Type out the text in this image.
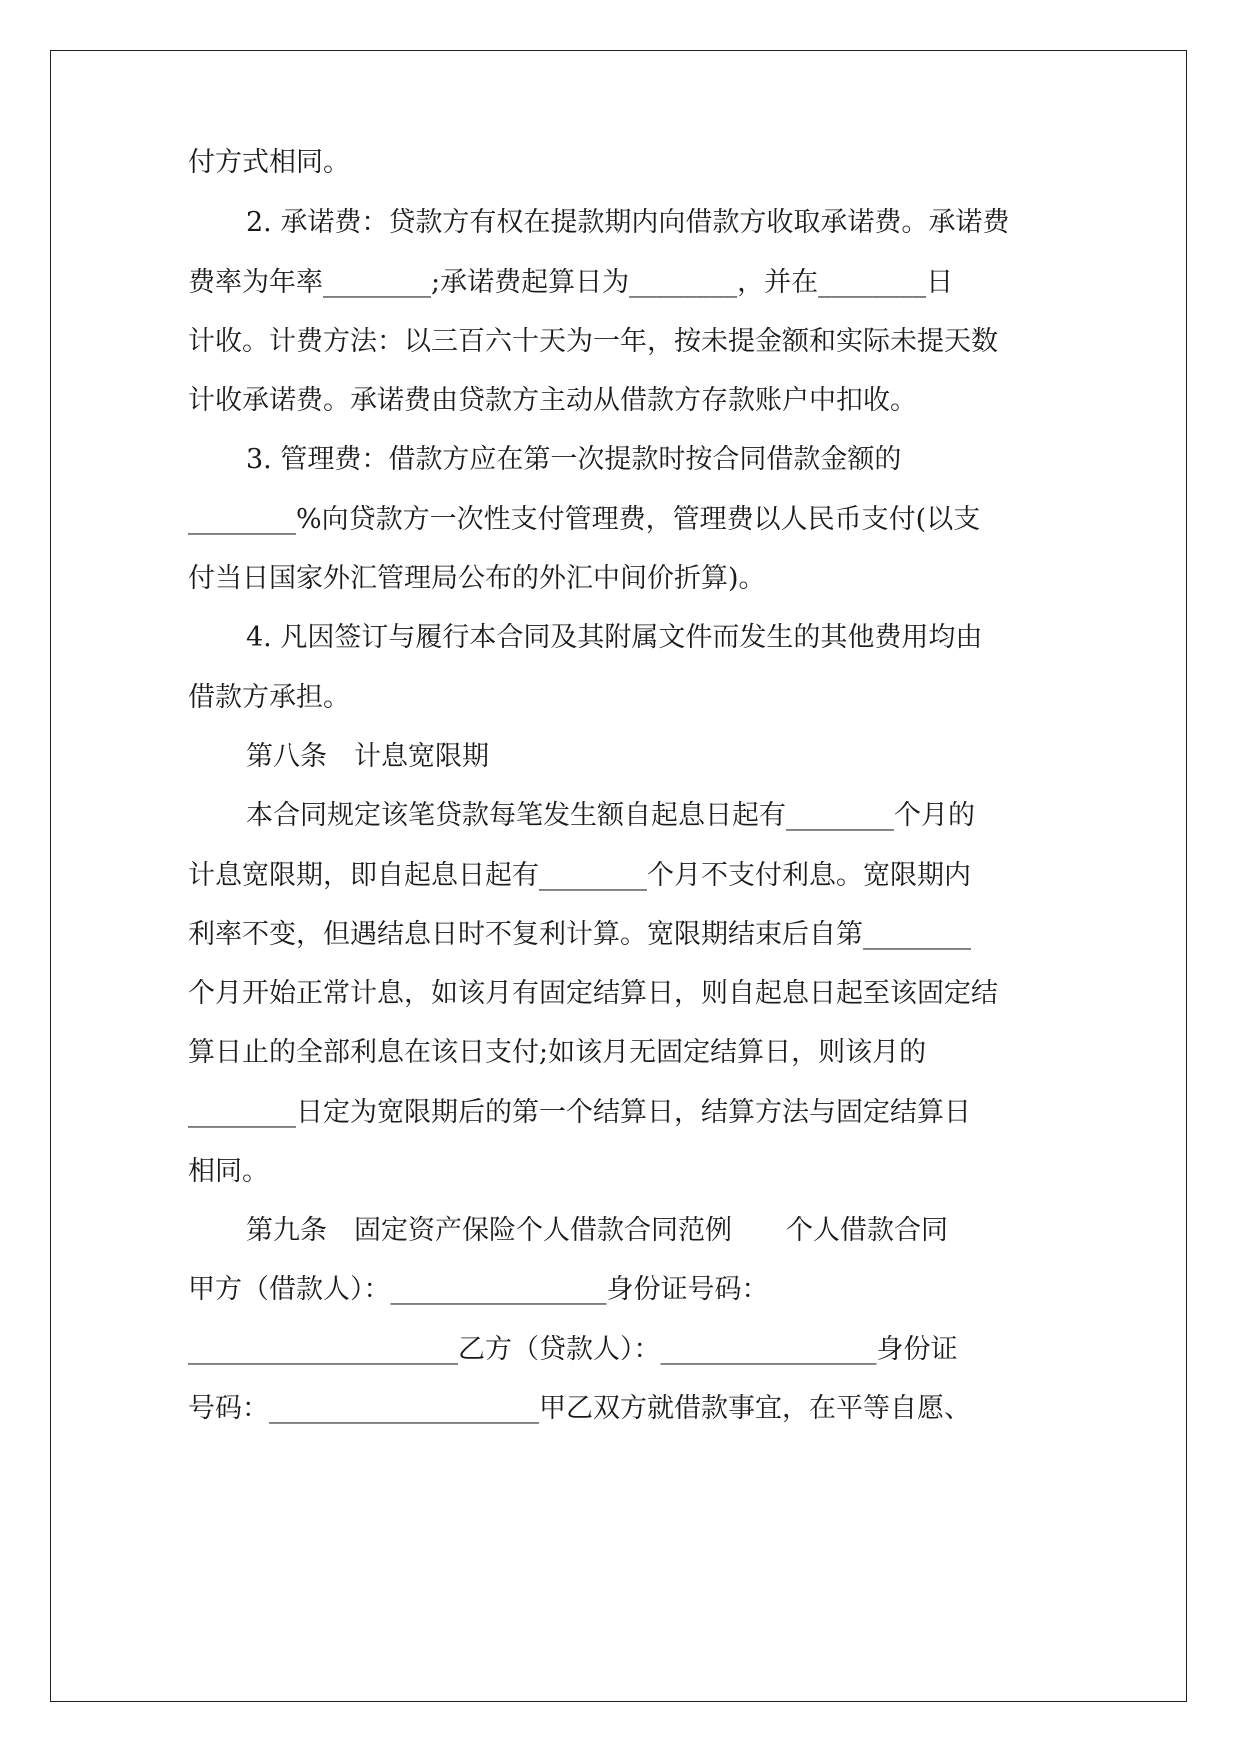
付方式相同。
2. 承诺费：贷款方有权在提款期内向借款方收取承诺费。承诺费
费率为年率________;承诺费起算日为________，并在________日
计收。计费方法：以三百六十天为一年，按未提金额和实际未提天数
计收承诺费。承诺费由贷款方主动从借款方存款账户中扣收。
3. 管理费：借款方应在第一次提款时按合同借款金额的
________%向贷款方一次性支付管理费，管理费以人民币支付(以支
付当日国家外汇管理局公布的外汇中间价折算)。
4. 凡因签订与履行本合同及其附属文件而发生的其他费用均由
借款方承担。
第八条　计息宽限期
本合同规定该笔贷款每笔发生额自起息日起有________个月的
计息宽限期，即自起息日起有________个月不支付利息。宽限期内
利率不变，但遇结息日时不复利计算。宽限期结束后自第________
个月开始正常计息，如该月有固定结算日，则自起息日起至该固定结
算日止的全部利息在该日支付;如该月无固定结算日，则该月的
________日定为宽限期后的第一个结算日，结算方法与固定结算日
相同。
第九条　固定资产保险个人借款合同范例　　个人借款合同
甲方（借款人）：________________身份证号码：
____________________乙方（贷款人）：________________身份证
号码：____________________甲乙双方就借款事宜，在平等自愿、
